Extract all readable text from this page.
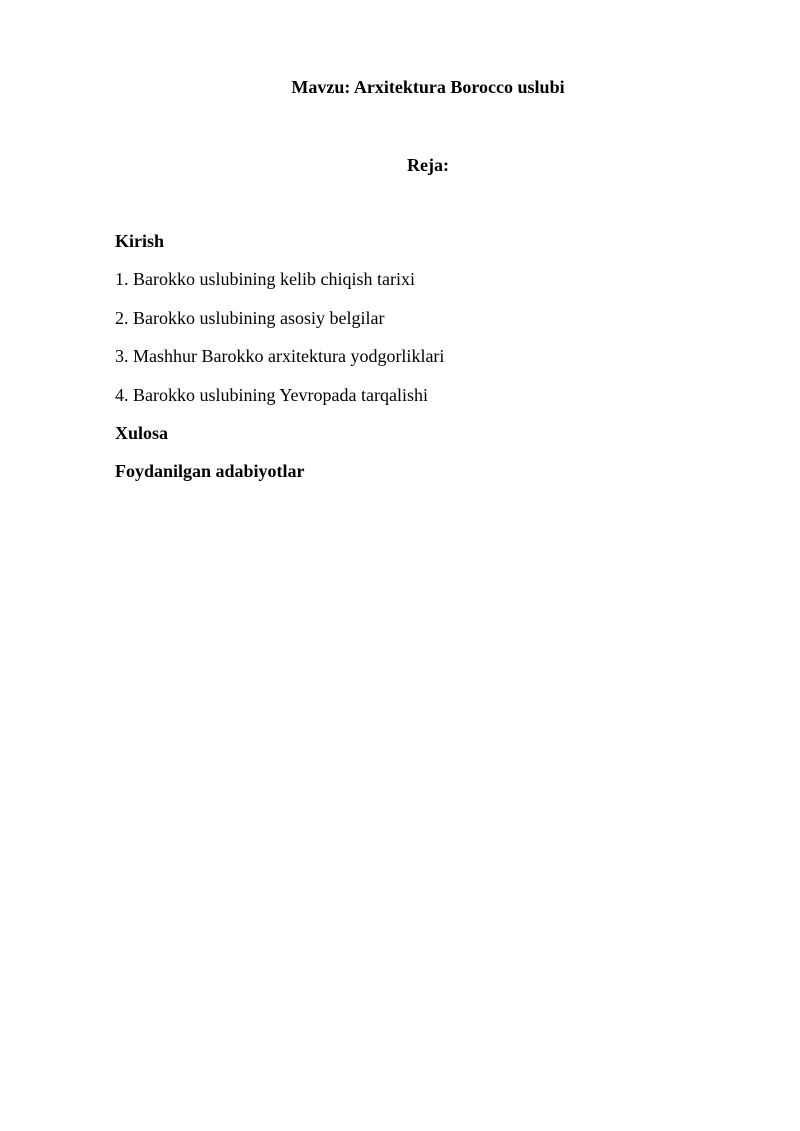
Mavzu: Arxitektura Borocco uslubi
Reja:
Kirish
1. Barokko uslubining kelib chiqish tarixi
2. Barokko uslubining asosiy belgilar
3. Mashhur Barokko arxitektura yodgorliklari
4. Barokko uslubining Yevropada tarqalishi
Xulosa
Foydanilgan adabiyotlar
